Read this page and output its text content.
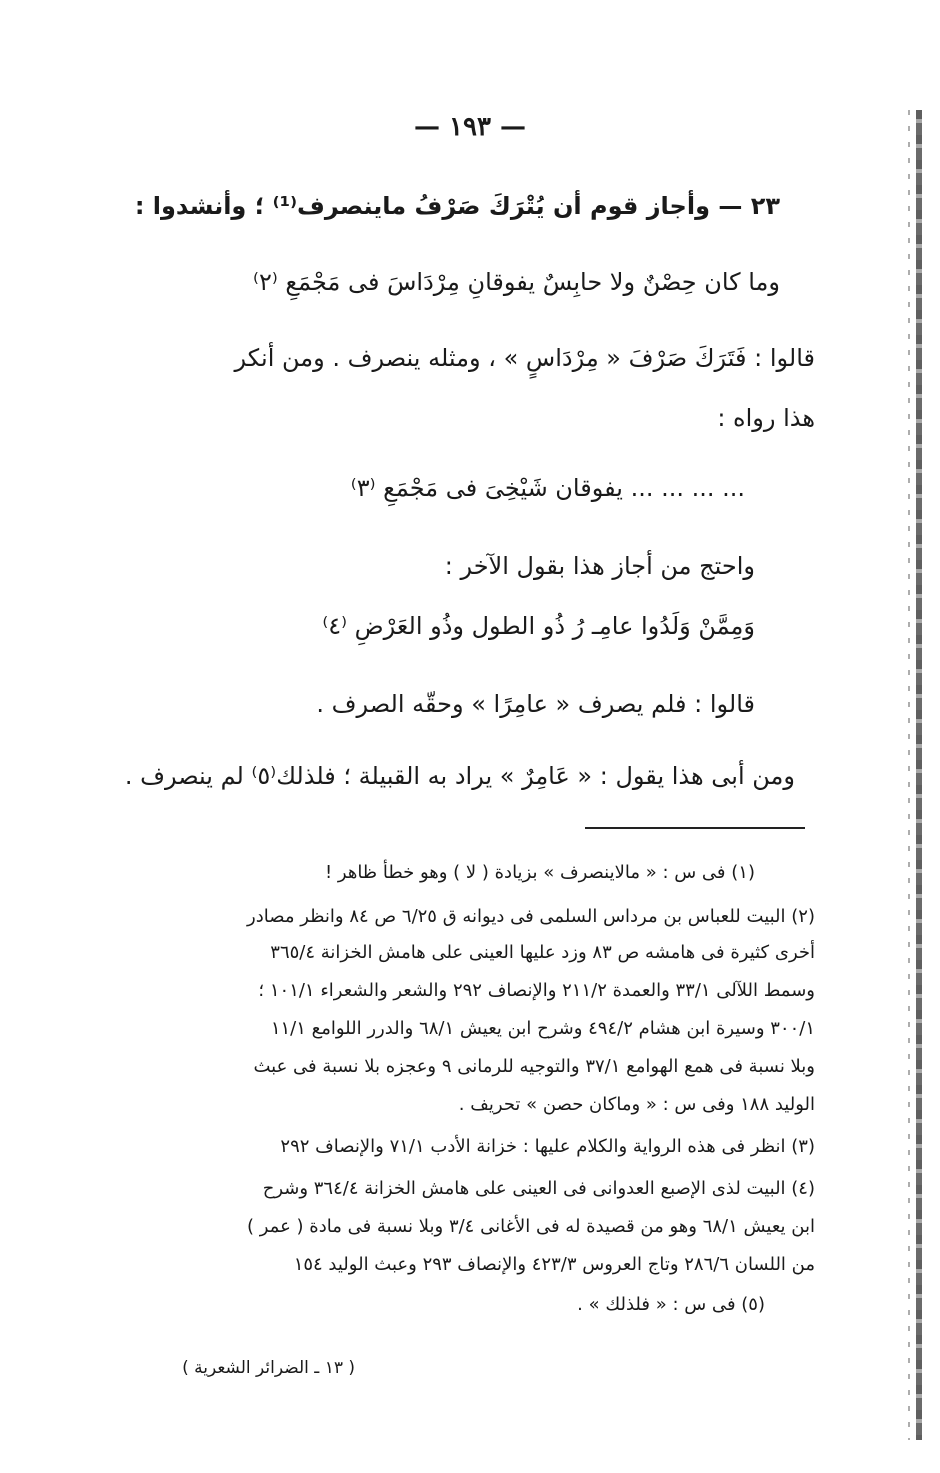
— ١٩٣ —
٢٣ — وأجاز قوم أن يُتْرَكَ صَرْفُ ماينصرف⁽¹⁾ ؛ وأنشدوا :
وما كان حِصْنٌ ولا حابِسٌ يفوقانِ مِرْدَاسَ فى مَجْمَعِ ⁽٢⁾
قالوا : فَتَرَكَ صَرْفَ « مِرْدَاسٍ » ، ومثله ينصرف . ومن أنكر
هذا رواه :
... ... ... ... يفوقان شَيْخِىَ فى مَجْمَعِ ⁽٣⁾
واحتج من أجاز هذا بقول الآخر :
وَمِمَّنْ وَلَدُوا عامِـ رُ ذُو الطول وذُو العَرْضِ ⁽٤⁾
قالوا : فلم يصرف « عامِرًا » وحقّه الصرف .
ومن أبى هذا يقول : « عَامِرٌ » يراد به القبيلة ؛ فلذلك⁽٥⁾ لم ينصرف .
(١) فى س : « مالاينصرف » بزيادة ( لا ) وهو خطأ ظاهر !
(٢) البيت للعباس بن مرداس السلمى فى ديوانه ق ٦/٢٥ ص ٨٤ وانظر مصادر
أخرى كثيرة فى هامشه ص ٨٣ وزد عليها العينى على هامش الخزانة ٣٦٥/٤
وسمط اللآلى ٣٣/١ والعمدة ٢١١/٢ والإنصاف ٢٩٢ والشعر والشعراء ١٠١/١ ؛
٣٠٠/١ وسيرة ابن هشام ٤٩٤/٢ وشرح ابن يعيش ٦٨/١ والدرر اللوامع ١١/١
وبلا نسبة فى همع الهوامع ٣٧/١ والتوجيه للرمانى ٩ وعجزه بلا نسبة فى عبث
الوليد ١٨٨ وفى س : « وماكان حصن » تحريف .
(٣) انظر فى هذه الرواية والكلام عليها : خزانة الأدب ٧١/١ والإنصاف ٢٩٢
(٤) البيت لذى الإصبع العدوانى فى العينى على هامش الخزانة ٣٦٤/٤ وشرح
ابن يعيش ٦٨/١ وهو من قصيدة له فى الأغانى ٣/٤ وبلا نسبة فى مادة ( عمر )
من اللسان ٢٨٦/٦ وتاج العروس ٤٢٣/٣ والإنصاف ٢٩٣ وعبث الوليد ١٥٤
(٥) فى س : « فلذلك » .
( ١٣ ـ الضرائر الشعرية )
